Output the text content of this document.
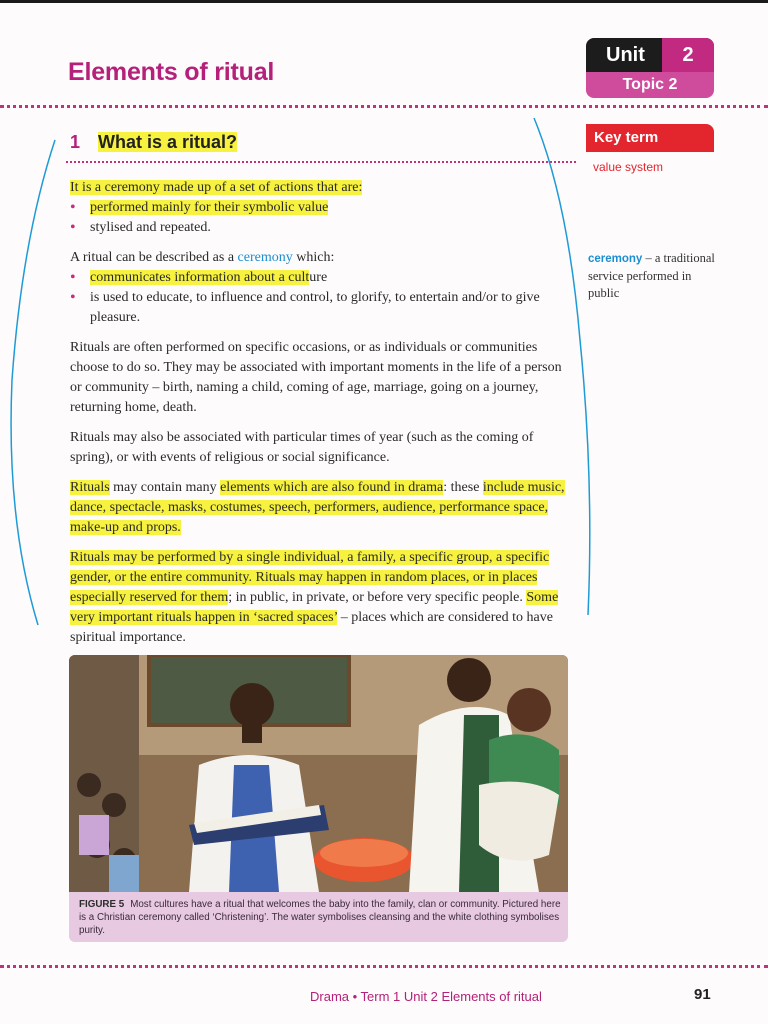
Elements of ritual
Unit	2
Topic 2
1 What is a ritual?	Key term
value system
ceremony – a traditional service performed in public

It is a ceremony made up of a set of actions that are:

• performed mainly for their symbolic value
• stylised and repeated.

A ritual can be described as a ceremony which:

• communicates information about a culture
• is used to educate, to influence and control, to glorify, to entertain and/or to give pleasure.

Rituals are often performed on specific occasions, or as individuals or communities choose to do so. They may be associated with important moments in the life of a person or community – birth, naming a child, coming of age, marriage, going on a journey, returning home, death.

Rituals may also be associated with particular times of year (such as the coming of spring), or with events of religious or social significance.

Rituals may contain many elements which are also found in drama: these include music, dance, spectacle, masks, costumes, speech, performers, audience, performance space, make-up and props.

Rituals may be performed by a single individual, a family, a specific group, a specific gender, or the entire community. Rituals may happen in random places, or in places especially reserved for them; in public, in private, or before very specific people. Some very important rituals happen in ‘sacred spaces’ – places which are considered to have spiritual importance.

FIGURE 5 Most cultures have a ritual that welcomes the baby into the family, clan or community. Pictured here is a Christian ceremony called ‘Christening’. The water symbolises cleansing and the white clothing symbolises purity.
Drama • Term 1 Unit 2 Elements of ritual	91
